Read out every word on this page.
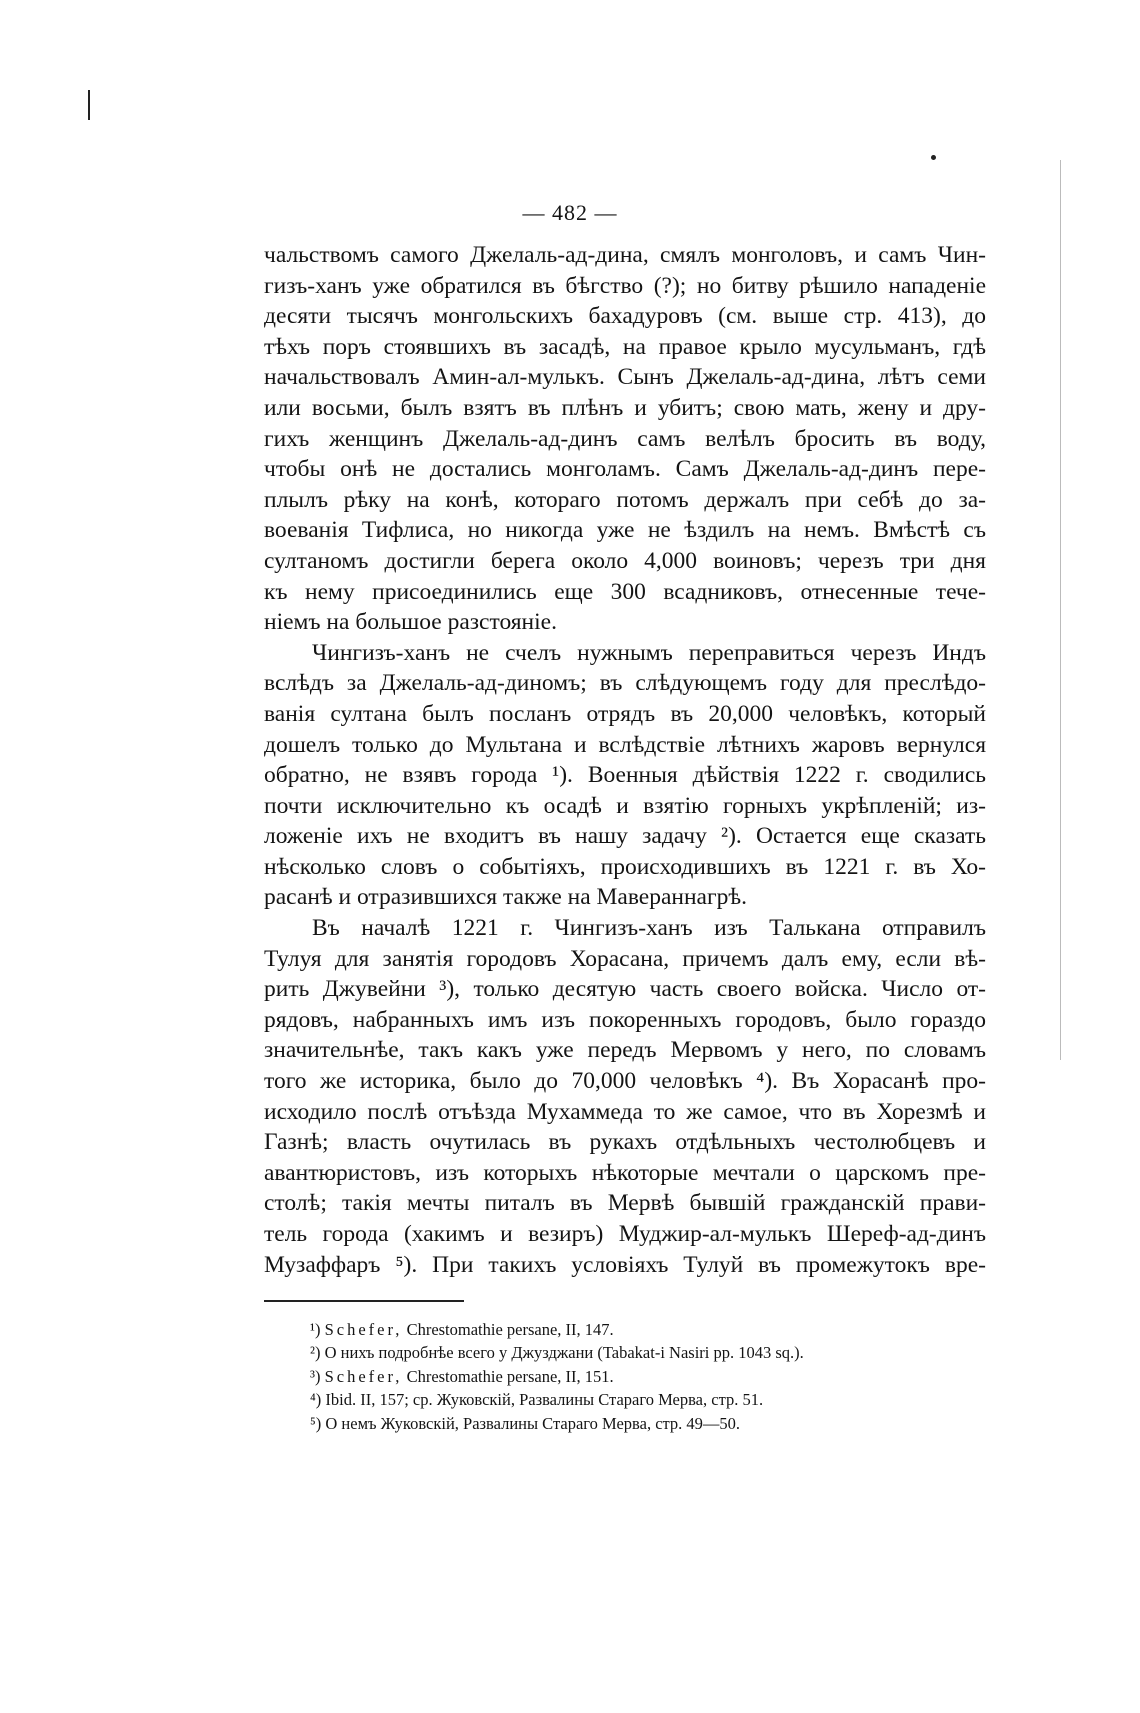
— 482 —
чальствомъ самого Джелаль-ад-дина, смялъ монголовъ, и самъ Чин-
гизъ-ханъ уже обратился въ бѣгство (?); но битву рѣшило нападеніе
десяти тысячъ монгольскихъ бахадуровъ (см. выше стр. 413), до
тѣхъ поръ стоявшихъ въ засадѣ, на правое крыло мусульманъ, гдѣ
начальствовалъ Амин-ал-мулькъ. Сынъ Джелаль-ад-дина, лѣтъ семи
или восьми, былъ взятъ въ плѣнъ и убитъ; свою мать, жену и дру-
гихъ женщинъ Джелаль-ад-динъ самъ велѣлъ бросить въ воду,
чтобы онѣ не достались монголамъ. Самъ Джелаль-ад-динъ пере-
плылъ рѣку на конѣ, котораго потомъ держалъ при себѣ до за-
воеванія Тифлиса, но никогда уже не ѣздилъ на немъ. Вмѣстѣ съ
султаномъ достигли берега около 4,000 воиновъ; черезъ три дня
къ нему присоединились еще 300 всадниковъ, отнесенные тече-
ніемъ на большое разстояніе.
Чингизъ-ханъ не счелъ нужнымъ переправиться черезъ Индъ
вслѣдъ за Джелаль-ад-диномъ; въ слѣдующемъ году для преслѣдо-
ванія султана былъ посланъ отрядъ въ 20,000 человѣкъ, который
дошелъ только до Мультана и вслѣдствіе лѣтнихъ жаровъ вернулся
обратно, не взявъ города ¹). Военныя дѣйствія 1222 г. сводились
почти исключительно къ осадѣ и взятію горныхъ укрѣпленій; из-
ложеніе ихъ не входитъ въ нашу задачу ²). Остается еще сказать
нѣсколько словъ о событіяхъ, происходившихъ въ 1221 г. въ Хо-
расанѣ и отразившихся также на Мавераннагрѣ.
Въ началѣ 1221 г. Чингизъ-ханъ изъ Талькана отправилъ
Тулуя для занятія городовъ Хорасана, причемъ далъ ему, если вѣ-
рить Джувейни ³), только десятую часть своего войска. Число от-
рядовъ, набранныхъ имъ изъ покоренныхъ городовъ, было гораздо
значительнѣе, такъ какъ уже передъ Мервомъ у него, по словамъ
того же историка, было до 70,000 человѣкъ ⁴). Въ Хорасанѣ про-
исходило послѣ отъѣзда Мухаммеда то же самое, что въ Хорезмѣ и
Газнѣ; власть очутилась въ рукахъ отдѣльныхъ честолюбцевъ и
авантюристовъ, изъ которыхъ нѣкоторые мечтали о царскомъ пре-
столѣ; такія мечты питалъ въ Мервѣ бывшій гражданскій прави-
тель города (хакимъ и везиръ) Муджир-ал-мулькъ Шереф-ад-динъ
Музаффаръ ⁵). При такихъ условіяхъ Тулуй въ промежутокъ вре-
¹) Schefer, Chrestomathie persane, II, 147.
²) О нихъ подробнѣе всего у Джузджани (Tabakat-i Nasiri pp. 1043 sq.).
³) Schefer, Chrestomathie persane, II, 151.
⁴) Ibid. II, 157; ср. Жуковскій, Развалины Стараго Мерва, стр. 51.
⁵) О немъ Жуковскій, Развалины Стараго Мерва, стр. 49—50.
